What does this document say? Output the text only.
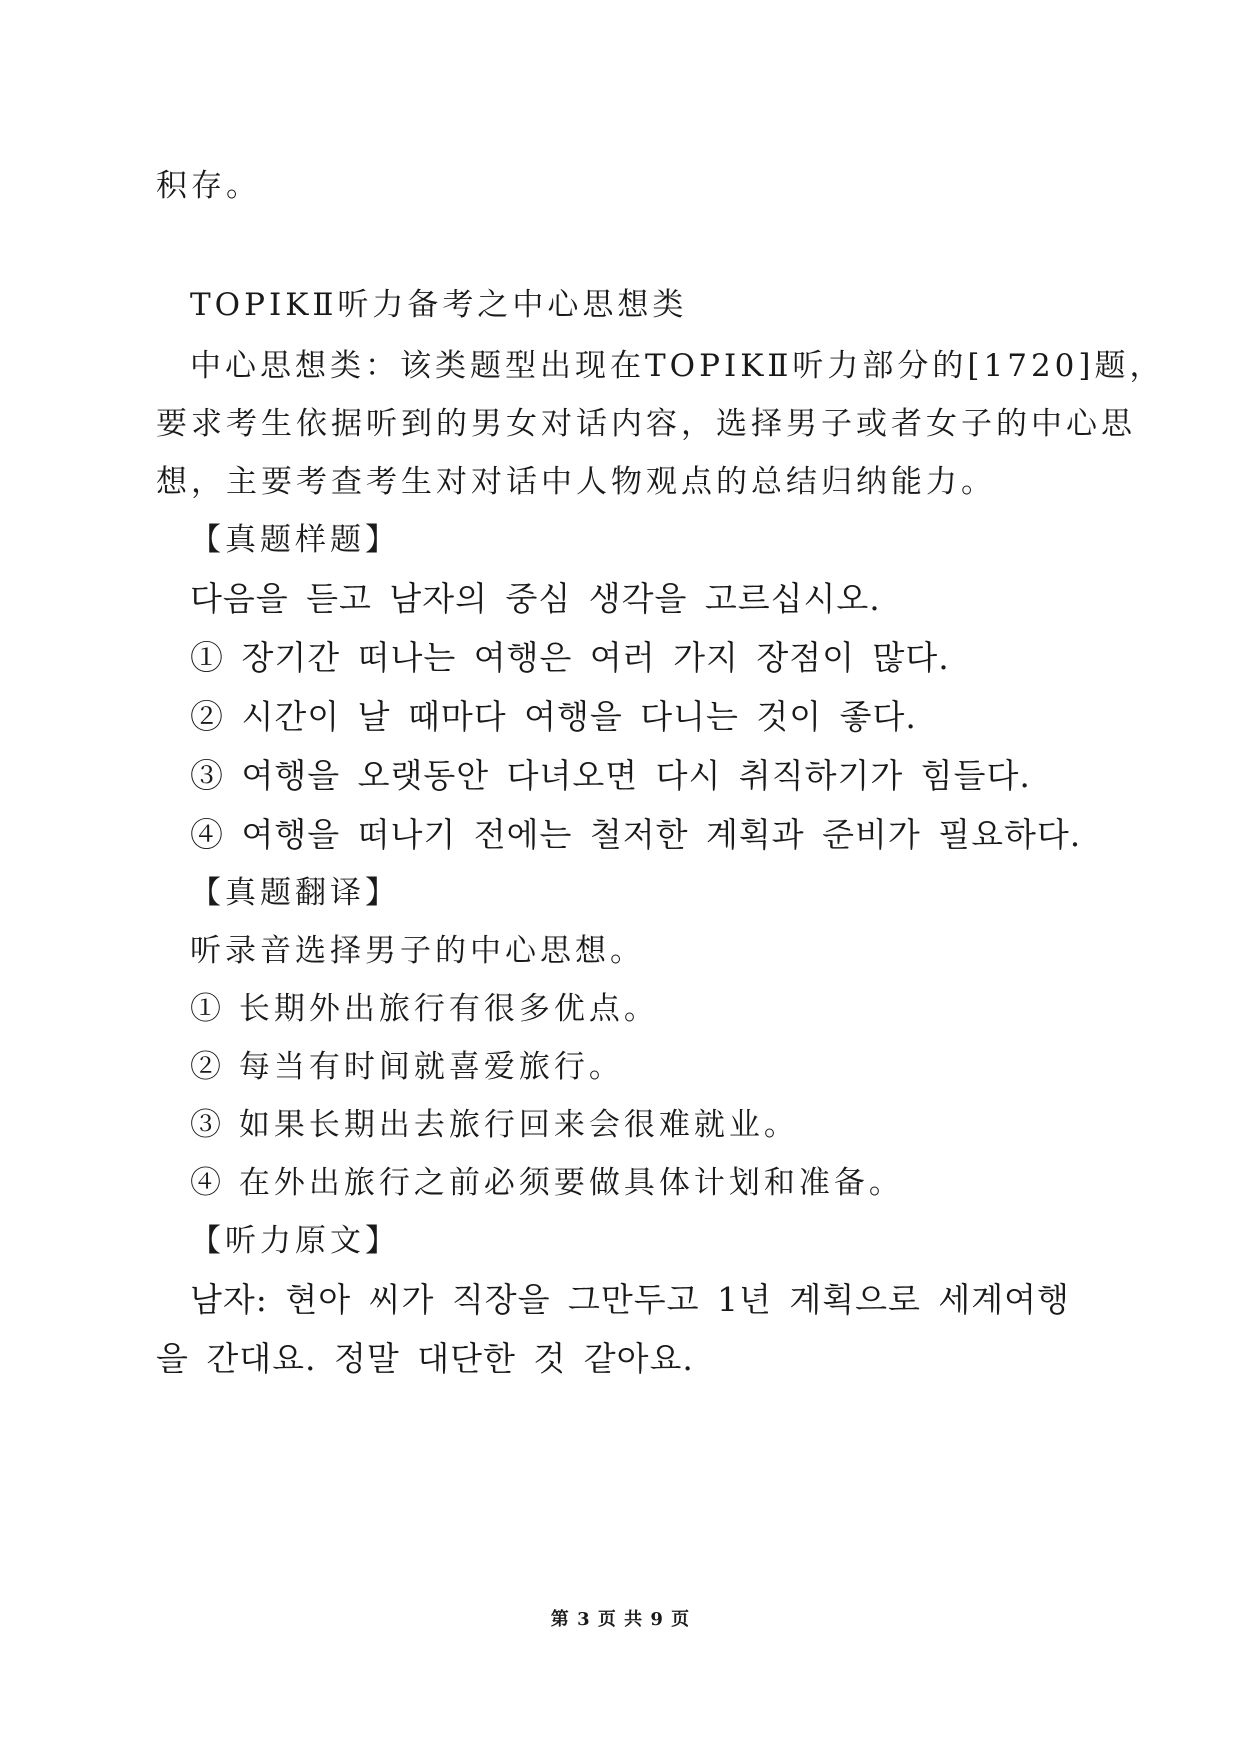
积存。
TOPIKⅡ听力备考之中心思想类
中心思想类：该类题型出现在TOPIKⅡ听力部分的[1720]题，
要求考生依据听到的男女对话内容，选择男子或者女子的中心思
想，主要考查考生对对话中人物观点的总结归纳能力。
【真题样题】
다음을 듣고 남자의 중심 생각을 고르십시오.
① 장기간 떠나는 여행은 여러 가지 장점이 많다.
② 시간이 날 때마다 여행을 다니는 것이 좋다.
③ 여행을 오랫동안 다녀오면 다시 취직하기가 힘들다.
④ 여행을 떠나기 전에는 철저한 계획과 준비가 필요하다.
【真题翻译】
听录音选择男子的中心思想。
① 长期外出旅行有很多优点。
② 每当有时间就喜爱旅行。
③ 如果长期出去旅行回来会很难就业。
④ 在外出旅行之前必须要做具体计划和准备。
【听力原文】
남자: 현아 씨가 직장을 그만두고 1년 계획으로 세계여행
을 간대요. 정말 대단한 것 같아요.
第 3 页 共 9 页
